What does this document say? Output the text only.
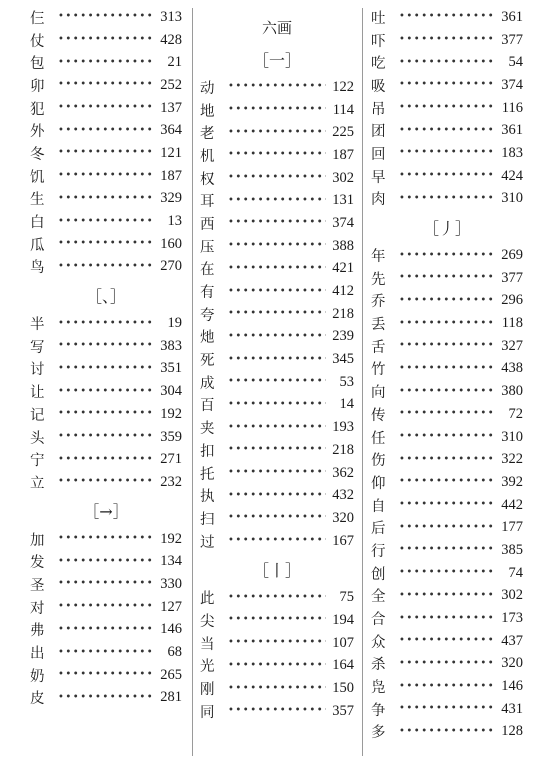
仨 •••••	313
仗 •••••	428
包 •••••	21
卯 •••••	252
犯 •••••	137
外 •••••	364
冬 •••••	121
饥 •••••	187
生 •••••	329
白 •••••	13
瓜 •••••	160
鸟 •••••	270
［、］
半 •••••	19
写 •••••	383
讨 •••••	351
让 •••••	304
记 •••••	192
头 •••••	359
宁 •••••	271
立 •••••	232
［→］
加 •••••	192
发 •••••	134
圣 •••••	330
对 •••••	127
弗 •••••	146
出 •••••	68
奶 •••••	265
皮 •••••	281
六画
［一］
动 •••••	122
地 •••••	114
老 •••••	225
机 •••••	187
权 •••••	302
耳 •••••	131
西 •••••	374
压 •••••	388
在 •••••	421
有 •••••	412
夸 •••••	218
灺 •••••	239
死 •••••	345
成 •••••	53
百 •••••	14
夹 •••••	193
扣 •••••	218
托 •••••	362
执 •••••	432
扫 •••••	320
过 •••••	167
［丨］
此 •••••	75
尖 •••••	194
当 •••••	107
光 •••••	164
刚 •••••	150
同 •••••	357
吐 •••••	361
吓 •••••	377
吃 •••••	54
吸 •••••	374
吊 •••••	116
团 •••••	361
回 •••••	183
早 •••••	424
肉 •••••	310
［丿］
年 •••••	269
先 •••••	377
乔 •••••	296
丢 •••••	118
舌 •••••	327
竹 •••••	438
向 •••••	380
传 •••••	72
任 •••••	310
伤 •••••	322
仰 •••••	392
自 •••••	442
后 •••••	177
行 •••••	385
创 •••••	74
全 •••••	302
合 •••••	173
众 •••••	437
杀 •••••	320
凫 •••••	146
争 •••••	431
多 •••••	128
